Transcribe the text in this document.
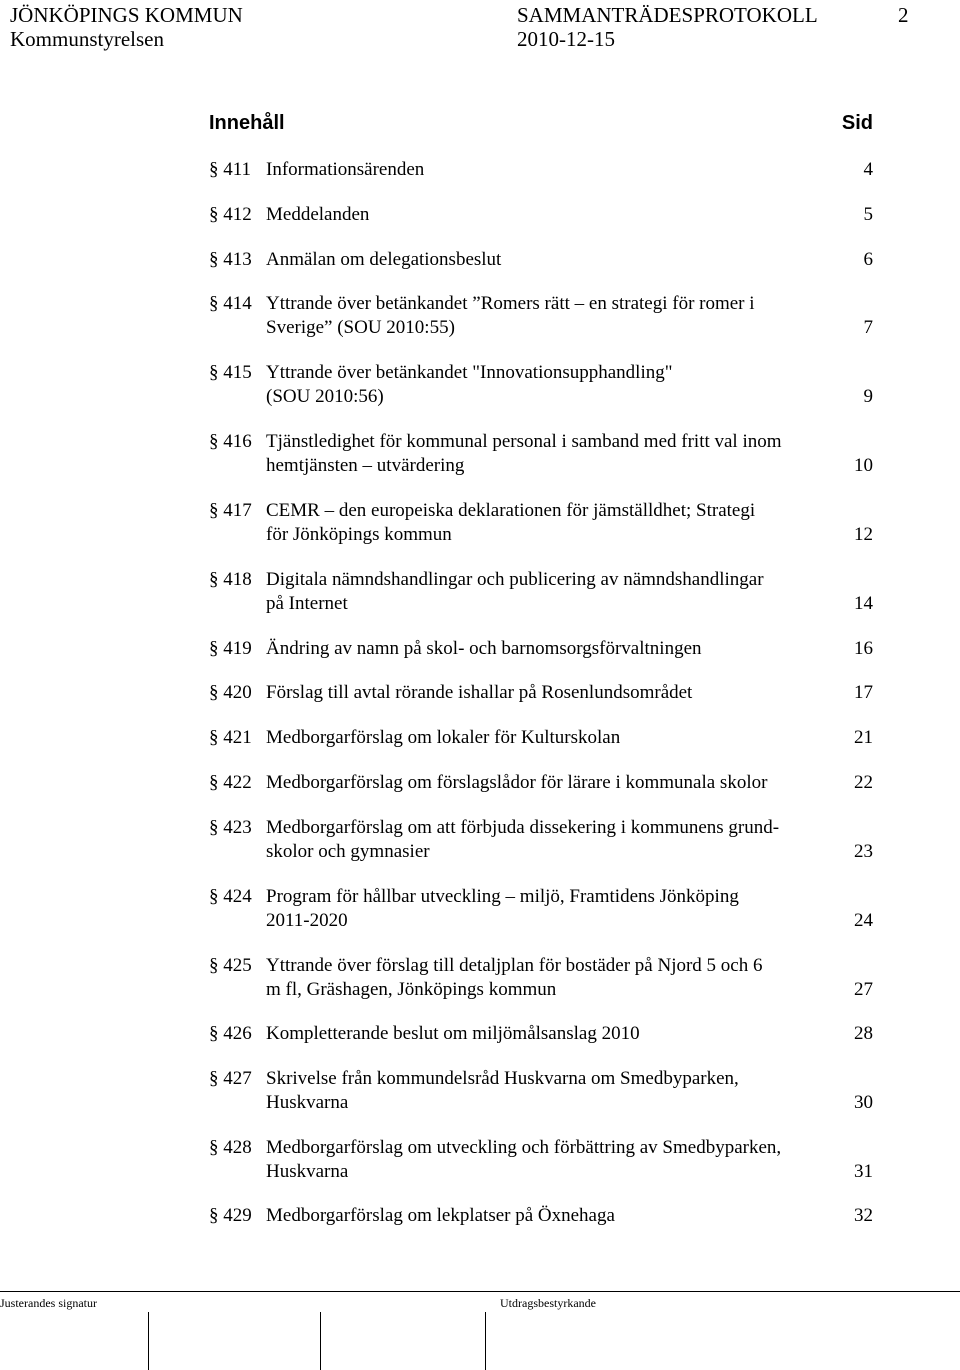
JÖNKÖPINGS KOMMUN	SAMMANTRÄDESPROTOKOLL	2
Kommunstyrelsen	2010-12-15
Innehåll	Sid
§ 411 Informationsärenden	4
§ 412 Meddelanden	5
§ 413 Anmälan om delegationsbeslut	6
§ 414 Yttrande över betänkandet ”Romers rätt – en strategi för romer i
Sverige” (SOU 2010:55)	7
§ 415 Yttrande över betänkandet "Innovationsupphandling"
(SOU 2010:56)	9
§ 416 Tjänstledighet för kommunal personal i samband med fritt val inom
hemtjänsten – utvärdering	10
§ 417 CEMR – den europeiska deklarationen för jämställdhet; Strategi
för Jönköpings kommun	12
§ 418 Digitala nämndshandlingar och publicering av nämndshandlingar
på Internet	14
§ 419 Ändring av namn på skol- och barnomsorgsförvaltningen	16
§ 420 Förslag till avtal rörande ishallar på Rosenlundsområdet	17
§ 421 Medborgarförslag om lokaler för Kulturskolan	21
§ 422 Medborgarförslag om förslagslådor för lärare i kommunala skolor	22
§ 423 Medborgarförslag om att förbjuda dissekering i kommunens grund-
skolor och gymnasier	23
§ 424 Program för hållbar utveckling – miljö, Framtidens Jönköping
2011-2020	24
§ 425 Yttrande över förslag till detaljplan för bostäder på Njord 5 och 6
m fl, Gräshagen, Jönköpings kommun	27
§ 426 Kompletterande beslut om miljömålsanslag 2010	28
§ 427 Skrivelse från kommundelsråd Huskvarna om Smedbyparken,
Huskvarna	30
§ 428 Medborgarförslag om utveckling och förbättring av Smedbyparken,
Huskvarna	31
§ 429 Medborgarförslag om lekplatser på Öxnehaga	32
Justerandes signatur	Utdragsbestyrkande
